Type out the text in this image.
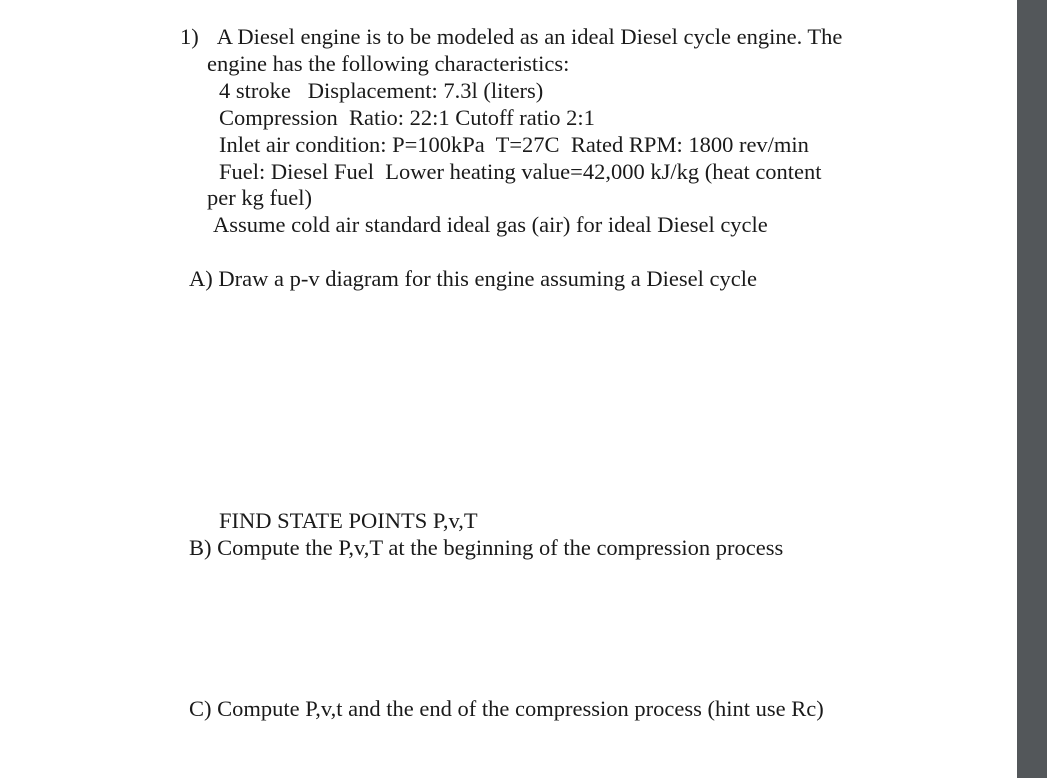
1) A Diesel engine is to be modeled as an ideal Diesel cycle engine. The
engine has the following characteristics:
4 stroke   Displacement: 7.3l (liters)
Compression  Ratio: 22:1 Cutoff ratio 2:1
Inlet air condition: P=100kPa  T=27C  Rated RPM: 1800 rev/min
Fuel: Diesel Fuel  Lower heating value=42,000 kJ/kg (heat content
per kg fuel)
Assume cold air standard ideal gas (air) for ideal Diesel cycle
A) Draw a p-v diagram for this engine assuming a Diesel cycle
FIND STATE POINTS P,v,T
B) Compute the P,v,T at the beginning of the compression process
C) Compute P,v,t and the end of the compression process (hint use Rc)
